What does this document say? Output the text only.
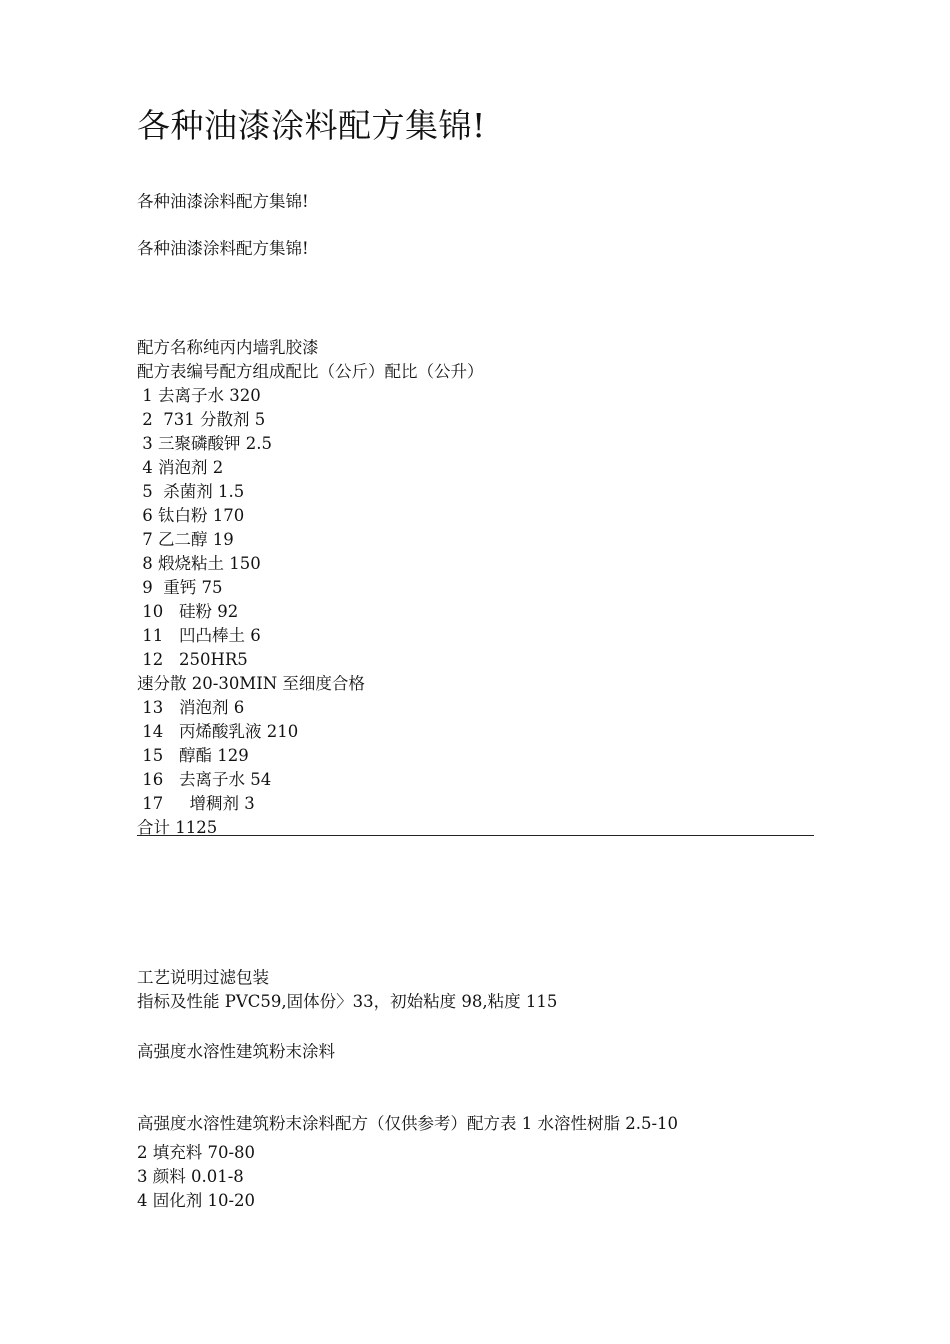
各种油漆涂料配方集锦!
各种油漆涂料配方集锦!
各种油漆涂料配方集锦!
配方名称纯丙内墙乳胶漆
配方表编号配方组成配比（公斤）配比（公升）
1 去离子水 320
2  731 分散剂 5
3 三聚磷酸钾 2.5
4 消泡剂 2
5  杀菌剂 1.5
6 钛白粉 170
7 乙二醇 19
8 煅烧粘土 150
9  重钙 75
10   硅粉 92
11   凹凸棒土 6
12   250HR5
速分散 20-30MIN 至细度合格
13   消泡剂 6
14   丙烯酸乳液 210
15   醇酯 129
16   去离子水 54
17     增稠剂 3
合计 1125
工艺说明过滤包装
指标及性能 PVC59,固体份〉33，初始粘度 98,粘度 115
高强度水溶性建筑粉末涂料
高强度水溶性建筑粉末涂料配方（仅供参考）配方表 1 水溶性树脂 2.5-10
2 填充料 70-80
3 颜料 0.01-8
4 固化剂 10-20
